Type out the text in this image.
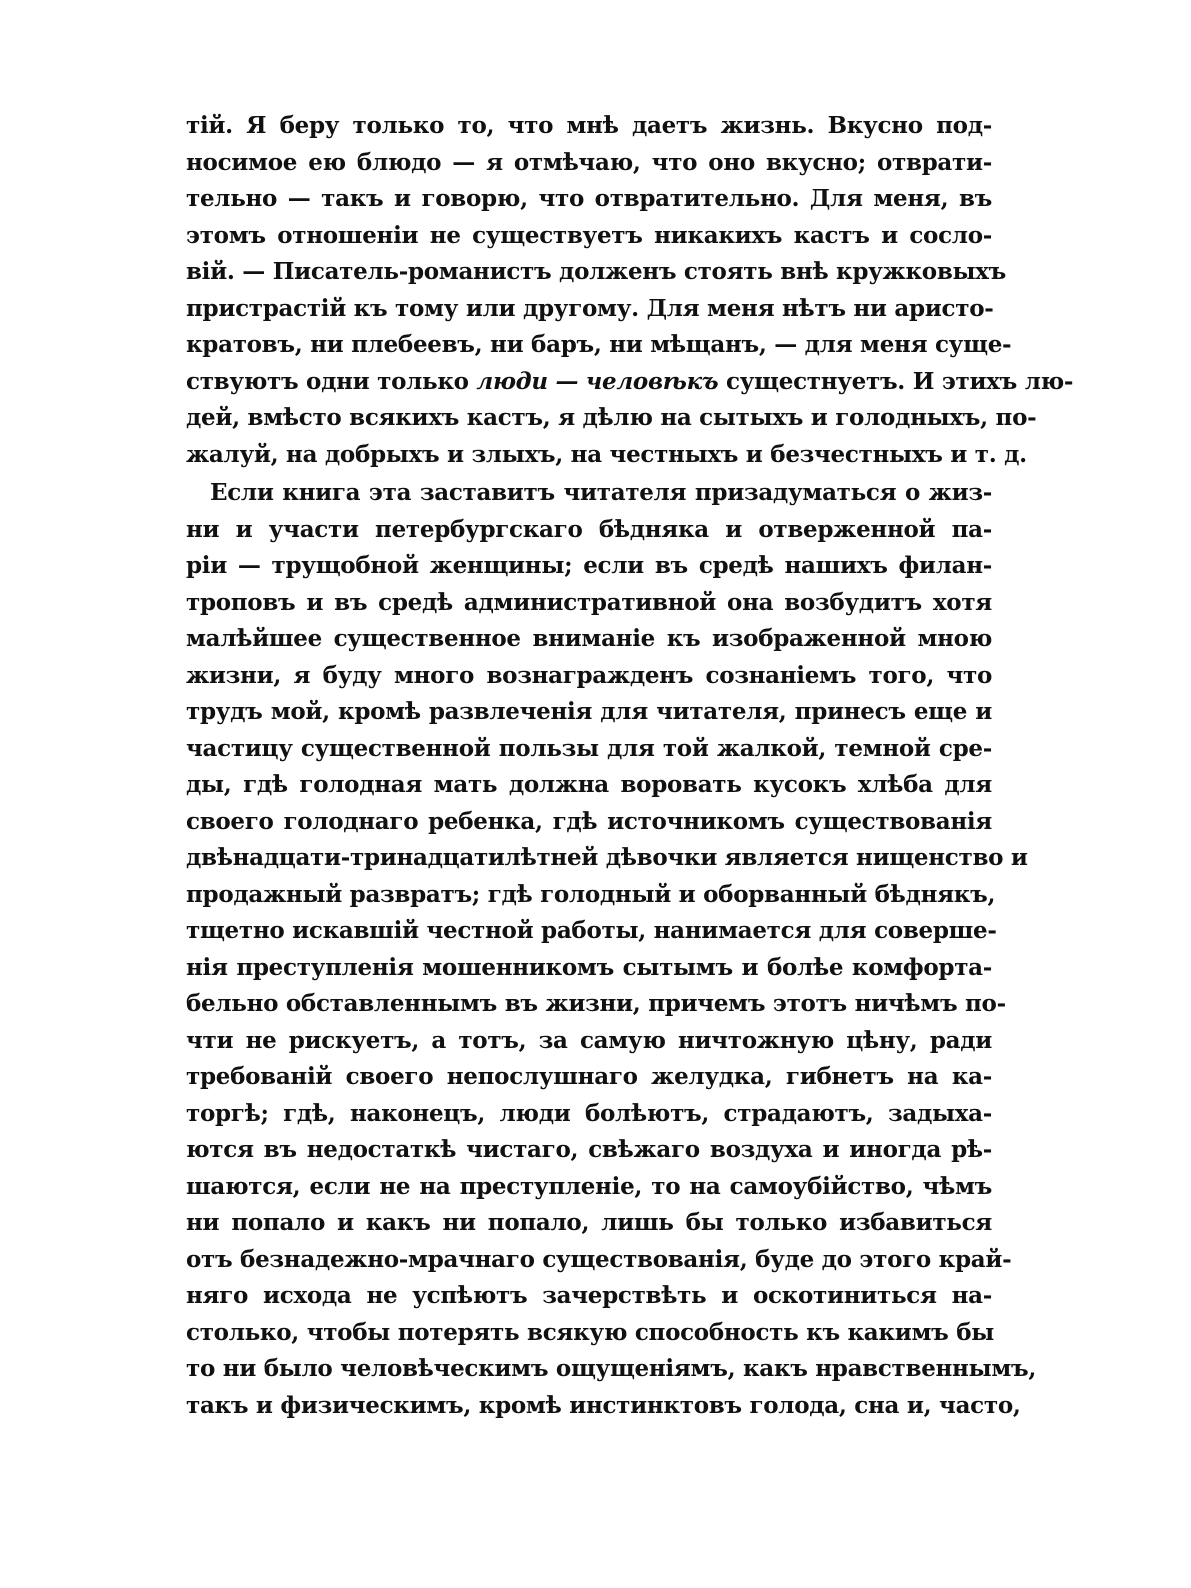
тій. Я беру только то, что мнѣ даетъ жизнь. Вкусно под-
носимое ею блюдо — я отмѣчаю, что оно вкусно; отврати-
тельно — такъ и говорю, что отвратительно. Для меня, въ
этомъ отношеніи не существуетъ никакихъ кастъ и сосло-
вій. — Писатель-романистъ долженъ стоять внѣ кружковыхъ
пристрастій къ тому или другому. Для меня нѣтъ ни аристо-
кратовъ, ни плебеевъ, ни баръ, ни мѣщанъ, — для меня суще-
ствуютъ одни только люди — человѣкъ сущестнуетъ. И этихъ лю-
дей, вмѣсто всякихъ кастъ, я дѣлю на сытыхъ и голодныхъ, по-
жалуй, на добрыхъ и злыхъ, на честныхъ и безчестныхъ и т. д.
Если книга эта заставитъ читателя призадуматься о жиз-
ни и участи петербургскаго бѣдняка и отверженной па-
ріи — трущобной женщины; если въ средѣ нашихъ филан-
троповъ и въ средѣ административной она возбудитъ хотя
малѣйшее существенное вниманіе къ изображенной мною
жизни, я буду много вознагражденъ сознаніемъ того, что
трудъ мой, кромѣ развлеченія для читателя, принесъ еще и
частицу существенной пользы для той жалкой, темной сре-
ды, гдѣ голодная мать должна воровать кусокъ хлѣба для
своего голоднаго ребенка, гдѣ источникомъ существованія
двѣнадцати-тринадцатилѣтней дѣвочки является нищенство и
продажный развратъ; гдѣ голодный и оборванный бѣднякъ,
тщетно искавшій честной работы, нанимается для соверше-
нія преступленія мошенникомъ сытымъ и болѣе комфорта-
бельно обставленнымъ въ жизни, причемъ этотъ ничѣмъ по-
чти не рискуетъ, а тотъ, за самую ничтожную цѣну, ради
требованій своего непослушнаго желудка, гибнетъ на ка-
торгѣ; гдѣ, наконецъ, люди болѣютъ, страдаютъ, задыха-
ются въ недостаткѣ чистаго, свѣжаго воздуха и иногда рѣ-
шаются, если не на преступленіе, то на самоубійство, чѣмъ
ни попало и какъ ни попало, лишь бы только избавиться
отъ безнадежно-мрачнаго существованія, буде до этого край-
няго исхода не успѣютъ зачерствѣть и оскотиниться на-
столько, чтобы потерять всякую способность къ какимъ бы
то ни было человѣческимъ ощущеніямъ, какъ нравственнымъ,
такъ и физическимъ, кромѣ инстинктовъ голода, сна и, часто,
